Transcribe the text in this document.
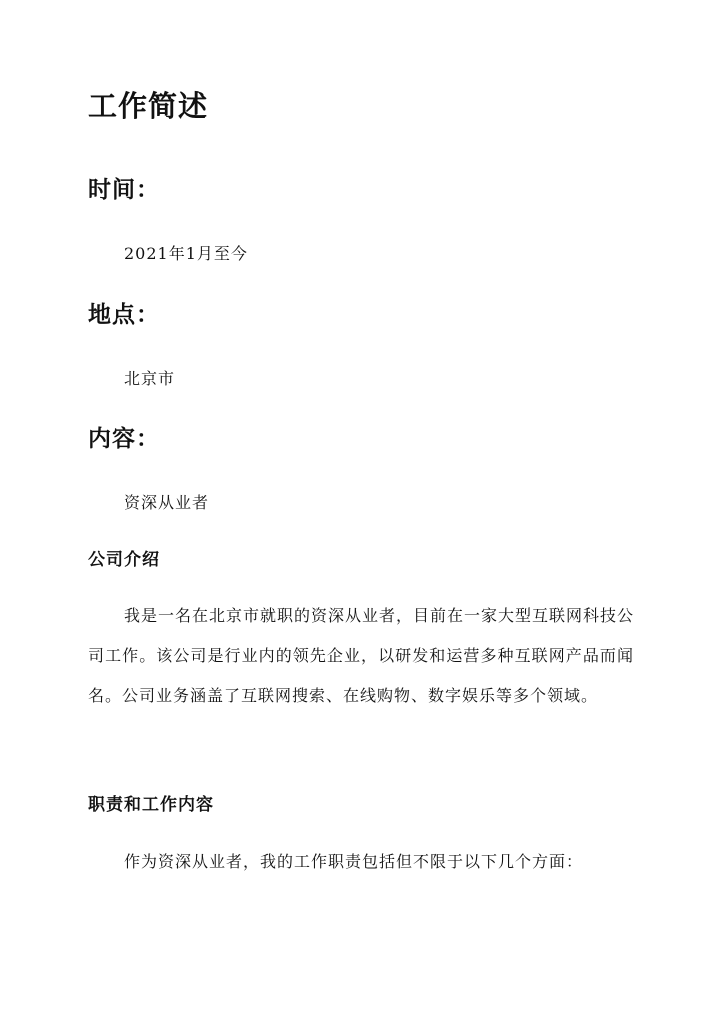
工作简述
时间：
2021年1月至今
地点：
北京市
内容：
资深从业者
公司介绍

我是一名在北京市就职的资深从业者，目前在一家大型互联网科技公司工作。该公司是行业内的领先企业，以研发和运营多种互联网产品而闻名。公司业务涵盖了互联网搜索、在线购物、数字娱乐等多个领域。

职责和工作内容

作为资深从业者，我的工作职责包括但不限于以下几个方面：
